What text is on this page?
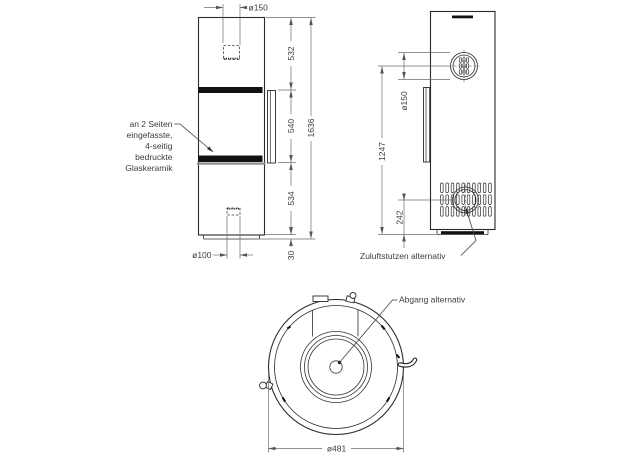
an 2 Seiten
eingefasste,
4-seitig
bedruckte
Glaskeramik
ø150
532
540
534
30
1636
ø100
ø150
1247
242
Zuluftstutzen alternativ
Abgang alternativ
ø481
